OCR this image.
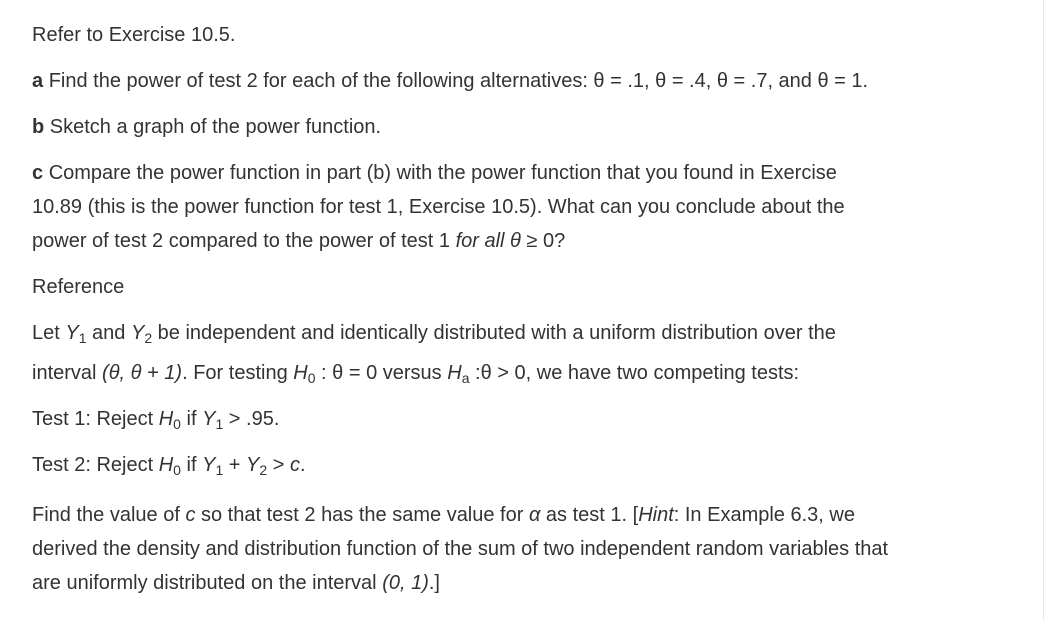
Refer to Exercise 10.5.
a Find the power of test 2 for each of the following alternatives: θ = .1, θ = .4, θ = .7, and θ = 1.
b Sketch a graph of the power function.
c Compare the power function in part (b) with the power function that you found in Exercise
10.89 (this is the power function for test 1, Exercise 10.5). What can you conclude about the
power of test 2 compared to the power of test 1 for all θ ≥ 0?
Reference
Let $Y_1$ and $Y_2$ be independent and identically distributed with a uniform distribution over the
interval (θ, θ + 1). For testing $H_0$ : θ = 0 versus $H_a$ :θ > 0, we have two competing tests:
Test 1: Reject $H_0$ if $Y_1 > .95$.
Test 2: Reject $H_0$ if $Y_1 + Y_2 > c$.
Find the value of c so that test 2 has the same value for α as test 1. [Hint: In Example 6.3, we
derived the density and distribution function of the sum of two independent random variables that
are uniformly distributed on the interval (0, 1).]
